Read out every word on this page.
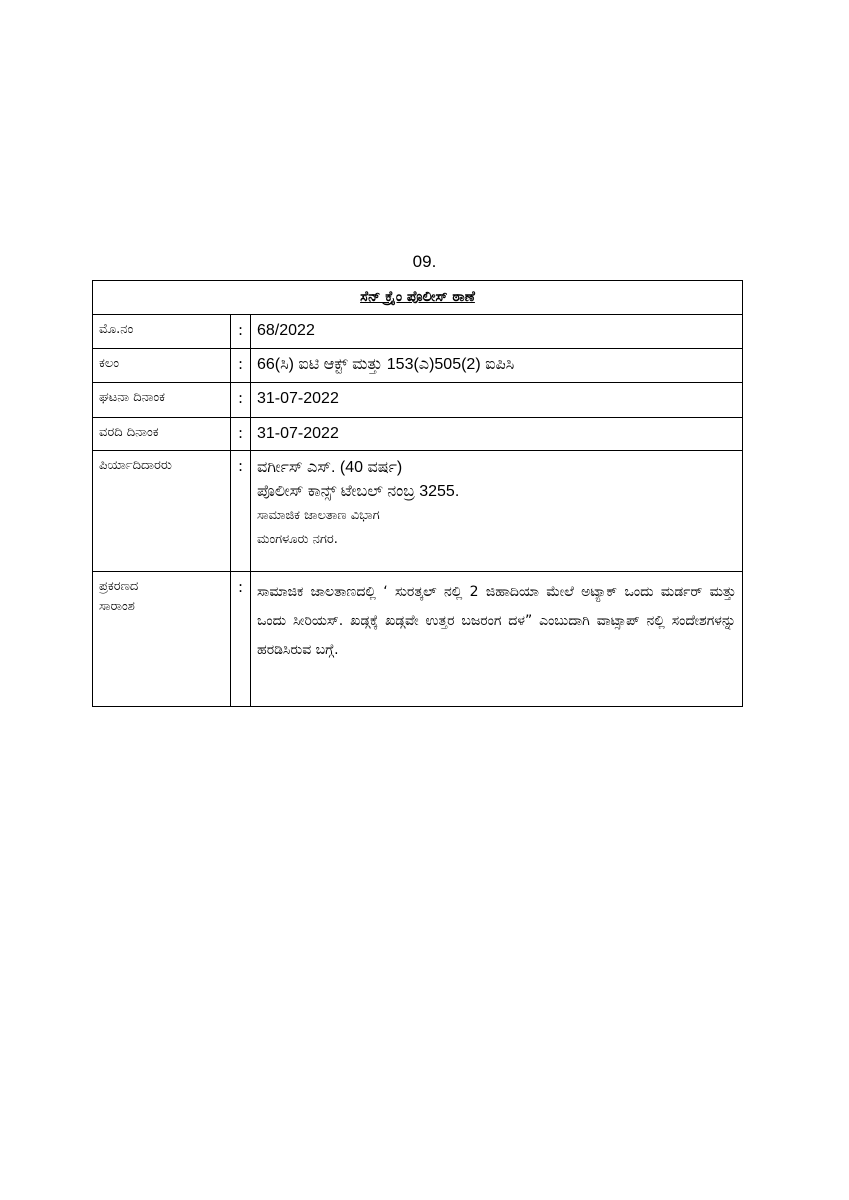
09.
ಸೆನ್ ಕ್ರೈಂ ಪೊಲೀಸ್ ಠಾಣೆ		
ಮೊ.ನಂ	:	68/2022
ಕಲಂ	:	66(ಸಿ) ಐಟಿ ಆಕ್ಟ್ ಮತ್ತು 153(ಎ)505(2) ಐಪಿಸಿ
ಘಟನಾ ದಿನಾಂಕ	:	31-07-2022
ವರದಿ ದಿನಾಂಕ	:	31-07-2022
ಪಿರ್ಯಾದಿದಾರರು	:	ವರ್ಗೀಸ್ ಎಸ್. (40 ವರ್ಷ)
ಪೊಲೀಸ್ ಕಾನ್ಸ್ ಟೇಬಲ್ ನಂಬ್ರ 3255.
ಸಾಮಾಜಿಕ ಜಾಲತಾಣ ವಿಭಾಗ
ಮಂಗಳೂರು ನಗರ.

ಪ್ರಕರಣದ
ಸಾರಾಂಶ	:	ಸಾಮಾಜಿಕ ಜಾಲತಾಣದಲ್ಲಿ ‘ ಸುರತ್ಕಲ್ ನಲ್ಲಿ 2 ಜಿಹಾದಿಯಾ ಮೇಲೆ ಅಟ್ಯಾಕ್ ಒಂದು ಮರ್ಡರ್ ಮತ್ತು ಒಂದು ಸೀರಿಯಸ್. ಖಡ್ಗಕ್ಕೆ ಖಡ್ಗವೇ ಉತ್ತರ ಬಜರಂಗ ದಳ” ಎಂಬುದಾಗಿ ವಾಟ್ಸಾಪ್ ನಲ್ಲಿ ಸಂದೇಶಗಳನ್ನು ಹರಡಿಸಿರುವ ಬಗ್ಗೆ.
